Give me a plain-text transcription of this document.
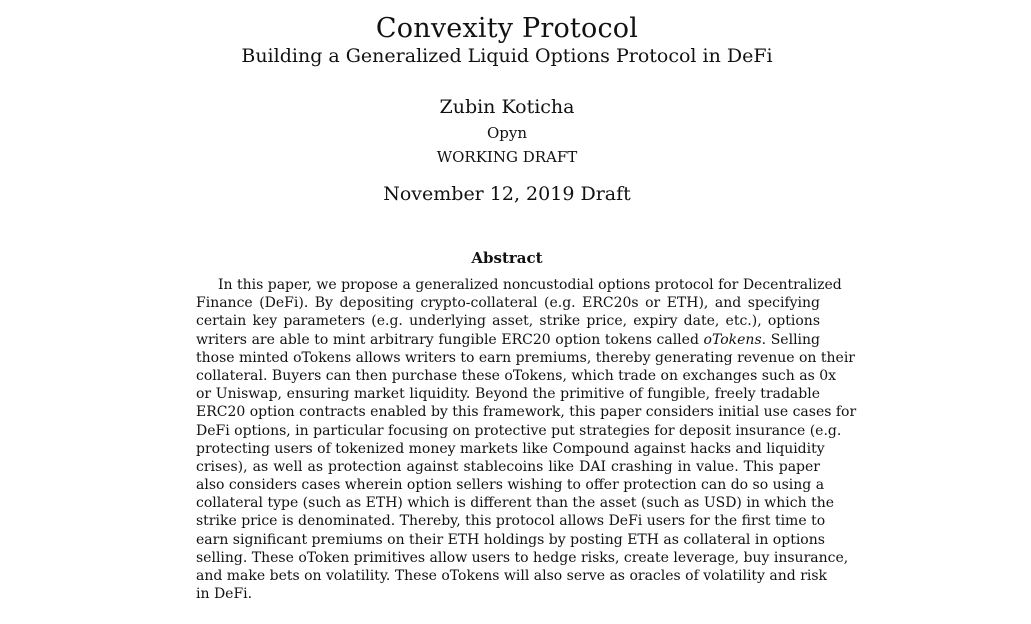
Convexity Protocol
Building a Generalized Liquid Options Protocol in DeFi
Zubin Koticha
Opyn
WORKING DRAFT
November 12, 2019 Draft
Abstract
In this paper, we propose a generalized noncustodial options protocol for Decentralized
Finance (DeFi). By depositing crypto-collateral (e.g. ERC20s or ETH), and specifying
certain key parameters (e.g. underlying asset, strike price, expiry date, etc.), options
writers are able to mint arbitrary fungible ERC20 option tokens called oTokens. Selling
those minted oTokens allows writers to earn premiums, thereby generating revenue on their
collateral. Buyers can then purchase these oTokens, which trade on exchanges such as 0x
or Uniswap, ensuring market liquidity. Beyond the primitive of fungible, freely tradable
ERC20 option contracts enabled by this framework, this paper considers initial use cases for
DeFi options, in particular focusing on protective put strategies for deposit insurance (e.g.
protecting users of tokenized money markets like Compound against hacks and liquidity
crises), as well as protection against stablecoins like DAI crashing in value. This paper
also considers cases wherein option sellers wishing to offer protection can do so using a
collateral type (such as ETH) which is different than the asset (such as USD) in which the
strike price is denominated. Thereby, this protocol allows DeFi users for the first time to
earn significant premiums on their ETH holdings by posting ETH as collateral in options
selling. These oToken primitives allow users to hedge risks, create leverage, buy insurance,
and make bets on volatility. These oTokens will also serve as oracles of volatility and risk
in DeFi.
